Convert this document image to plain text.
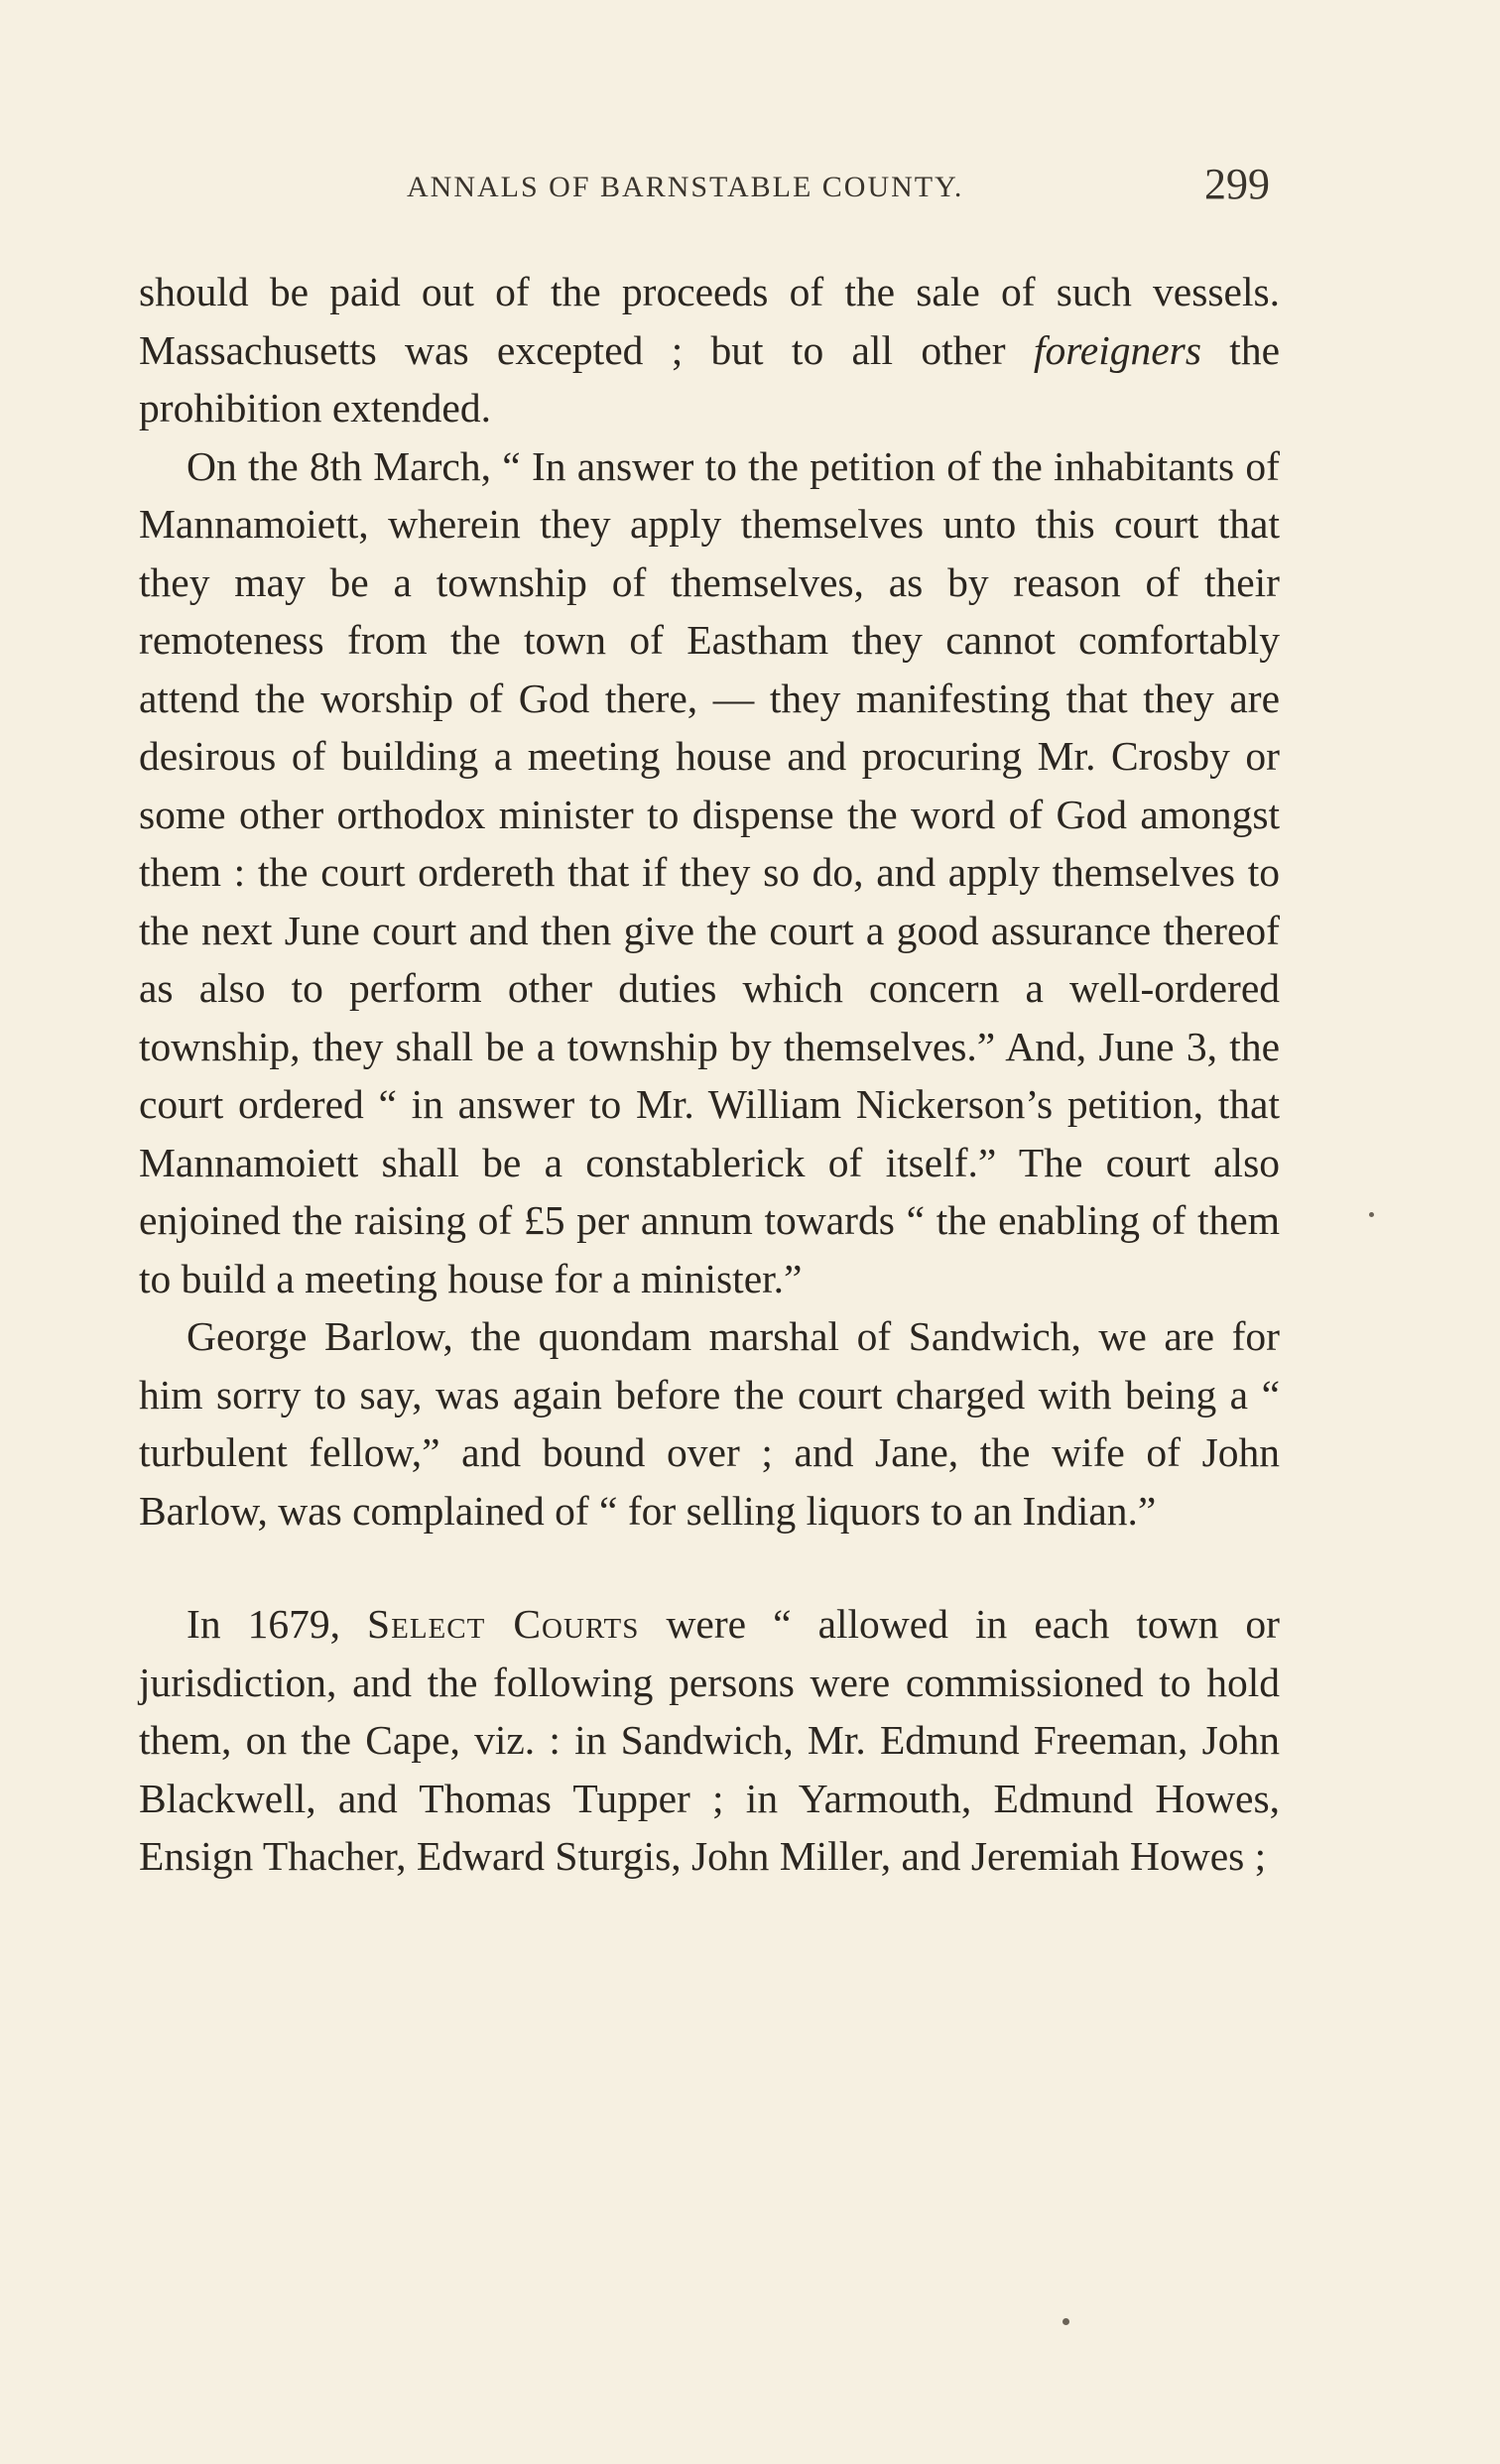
ANNALS OF BARNSTABLE COUNTY.	299

should be paid out of the proceeds of the sale of such vessels. Massachusetts was excepted ; but to all other foreigners the prohibition extended.

On the 8th March, “ In answer to the petition of the inhabitants of Mannamoiett, wherein they apply themselves unto this court that they may be a township of themselves, as by reason of their remoteness from the town of Eastham they cannot comfortably attend the worship of God there, — they manifesting that they are desirous of building a meeting house and procuring Mr. Crosby or some other orthodox minister to dispense the word of God amongst them : the court ordereth that if they so do, and apply themselves to the next June court and then give the court a good assurance thereof as also to perform other duties which concern a well-ordered township, they shall be a township by themselves.” And, June 3, the court ordered “ in answer to Mr. William Nickerson’s petition, that Mannamoiett shall be a constablerick of itself.” The court also enjoined the raising of £5 per annum towards “ the enabling of them to build a meeting house for a minister.”

George Barlow, the quondam marshal of Sandwich, we are for him sorry to say, was again before the court charged with being a “ turbulent fellow,” and bound over ; and Jane, the wife of John Barlow, was complained of “ for selling liquors to an Indian.”

In 1679, Select Courts were “ allowed in each town or jurisdiction, and the following persons were commissioned to hold them, on the Cape, viz. : in Sandwich, Mr. Edmund Freeman, John Blackwell, and Thomas Tupper ; in Yarmouth, Edmund Howes, Ensign Thacher, Edward Sturgis, John Miller, and Jeremiah Howes ;
